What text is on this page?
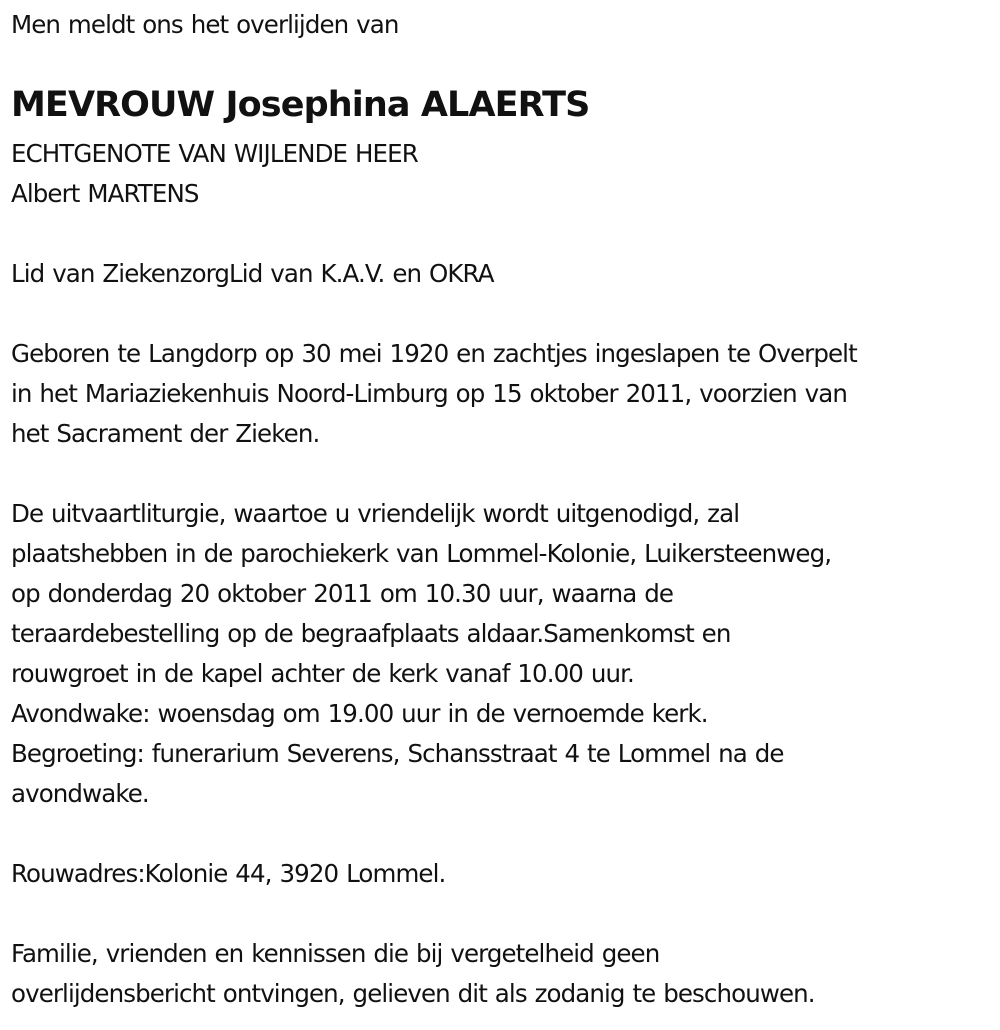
Men meldt ons het overlijden van
MEVROUW Josephina ALAERTS
ECHTGENOTE VAN WIJLENDE HEER
Albert MARTENS
Lid van ZiekenzorgLid van K.A.V. en OKRA
Geboren te Langdorp op 30 mei 1920 en zachtjes ingeslapen te Overpelt
in het Mariaziekenhuis Noord-Limburg op 15 oktober 2011, voorzien van
het Sacrament der Zieken.
De uitvaartliturgie, waartoe u vriendelijk wordt uitgenodigd, zal
plaatshebben in de parochiekerk van Lommel-Kolonie, Luikersteenweg,
op donderdag 20 oktober 2011 om 10.30 uur, waarna de
teraardebestelling op de begraafplaats aldaar.Samenkomst en
rouwgroet in de kapel achter de kerk vanaf 10.00 uur.
Avondwake: woensdag om 19.00 uur in de vernoemde kerk.
Begroeting: funerarium Severens, Schansstraat 4 te Lommel na de
avondwake.
Rouwadres:Kolonie 44, 3920 Lommel.
Familie, vrienden en kennissen die bij vergetelheid geen
overlijdensbericht ontvingen, gelieven dit als zodanig te beschouwen.
